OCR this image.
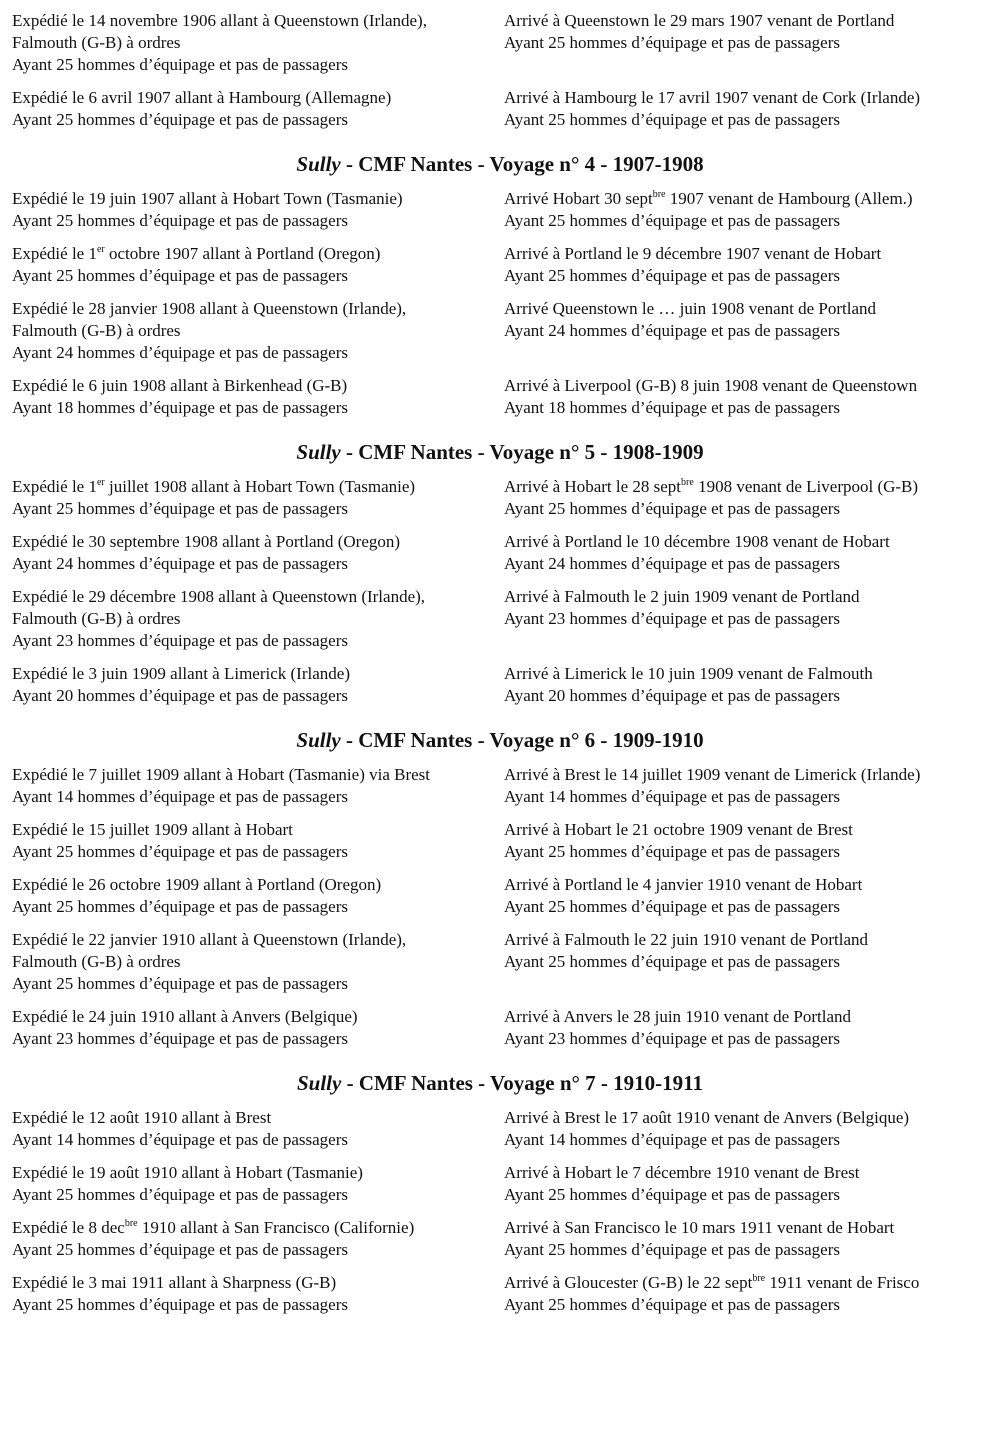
Expédié le 14 novembre 1906 allant à Queenstown (Irlande),
Falmouth (G-B) à ordres
Ayant 25 hommes d’équipage et pas de passagers
Arrivé à Queenstown le 29 mars 1907 venant de Portland
Ayant 25 hommes d’équipage et pas de passagers
Expédié le 6 avril 1907 allant à Hambourg (Allemagne)
Ayant 25 hommes d’équipage et pas de passagers
Arrivé à Hambourg le 17 avril 1907 venant de Cork (Irlande)
Ayant 25 hommes d’équipage et pas de passagers
Sully - CMF Nantes - Voyage n° 4 - 1907-1908
Expédié le 19 juin 1907 allant à Hobart Town (Tasmanie)
Ayant 25 hommes d’équipage et pas de passagers
Arrivé Hobart 30 sept$^{bre}$ 1907 venant de Hambourg (Allem.)
Ayant 25 hommes d’équipage et pas de passagers
Expédié le 1er octobre 1907 allant à Portland (Oregon)
Ayant 25 hommes d’équipage et pas de passagers
Arrivé à Portland le 9 décembre 1907 venant de Hobart
Ayant 25 hommes d’équipage et pas de passagers
Expédié le 28 janvier 1908 allant à Queenstown (Irlande),
Falmouth (G-B) à ordres
Ayant 24 hommes d’équipage et pas de passagers
Arrivé Queenstown le … juin 1908 venant de Portland
Ayant 24 hommes d’équipage et pas de passagers
Expédié le 6 juin 1908 allant à Birkenhead (G-B)
Ayant 18 hommes d’équipage et pas de passagers
Arrivé à Liverpool (G-B) 8 juin 1908 venant de Queenstown
Ayant 18 hommes d’équipage et pas de passagers
Sully - CMF Nantes - Voyage n° 5 - 1908-1909
Expédié le 1er juillet 1908 allant à Hobart Town (Tasmanie)
Ayant 25 hommes d’équipage et pas de passagers
Arrivé à Hobart le 28 sept$^{bre}$ 1908 venant de Liverpool (G-B)
Ayant 25 hommes d’équipage et pas de passagers
Expédié le 30 septembre 1908 allant à Portland (Oregon)
Ayant 24 hommes d’équipage et pas de passagers
Arrivé à Portland le 10 décembre 1908 venant de Hobart
Ayant 24 hommes d’équipage et pas de passagers
Expédié le 29 décembre 1908 allant à Queenstown (Irlande),
Falmouth (G-B) à ordres
Ayant 23 hommes d’équipage et pas de passagers
Arrivé à Falmouth le 2 juin 1909 venant de Portland
Ayant 23 hommes d’équipage et pas de passagers
Expédié le 3 juin 1909 allant à Limerick (Irlande)
Ayant 20 hommes d’équipage et pas de passagers
Arrivé à Limerick le 10 juin 1909 venant de Falmouth
Ayant 20 hommes d’équipage et pas de passagers
Sully - CMF Nantes - Voyage n° 6 - 1909-1910
Expédié le 7 juillet 1909 allant à Hobart (Tasmanie) via Brest
Ayant 14 hommes d’équipage et pas de passagers
Arrivé à Brest le 14 juillet 1909 venant de Limerick (Irlande)
Ayant 14 hommes d’équipage et pas de passagers
Expédié le 15 juillet 1909 allant à Hobart
Ayant 25 hommes d’équipage et pas de passagers
Arrivé à Hobart le 21 octobre 1909 venant de Brest
Ayant 25 hommes d’équipage et pas de passagers
Expédié le 26 octobre 1909 allant à Portland (Oregon)
Ayant 25 hommes d’équipage et pas de passagers
Arrivé à Portland le 4 janvier 1910 venant de Hobart
Ayant 25 hommes d’équipage et pas de passagers
Expédié le 22 janvier 1910 allant à Queenstown (Irlande),
Falmouth (G-B) à ordres
Ayant 25 hommes d’équipage et pas de passagers
Arrivé à Falmouth le 22 juin 1910 venant de Portland
Ayant 25 hommes d’équipage et pas de passagers
Expédié le 24 juin 1910 allant à Anvers (Belgique)
Ayant 23 hommes d’équipage et pas de passagers
Arrivé à Anvers le 28 juin 1910 venant de Portland
Ayant 23 hommes d’équipage et pas de passagers
Sully - CMF Nantes - Voyage n° 7 - 1910-1911
Expédié le 12 août 1910 allant à Brest
Ayant 14 hommes d’équipage et pas de passagers
Arrivé à Brest le 17 août 1910 venant de Anvers (Belgique)
Ayant 14 hommes d’équipage et pas de passagers
Expédié le 19 août 1910 allant à Hobart (Tasmanie)
Ayant 25 hommes d’équipage et pas de passagers
Arrivé à Hobart le 7 décembre 1910 venant de Brest
Ayant 25 hommes d’équipage et pas de passagers
Expédié le 8 dec$^{bre}$ 1910 allant à San Francisco (Californie)
Ayant 25 hommes d’équipage et pas de passagers
Arrivé à San Francisco le 10 mars 1911 venant de Hobart
Ayant 25 hommes d’équipage et pas de passagers
Expédié le 3 mai 1911 allant à Sharpness (G-B)
Ayant 25 hommes d’équipage et pas de passagers
Arrivé à Gloucester (G-B) le 22 sept$^{bre}$ 1911 venant de Frisco
Ayant 25 hommes d’équipage et pas de passagers
